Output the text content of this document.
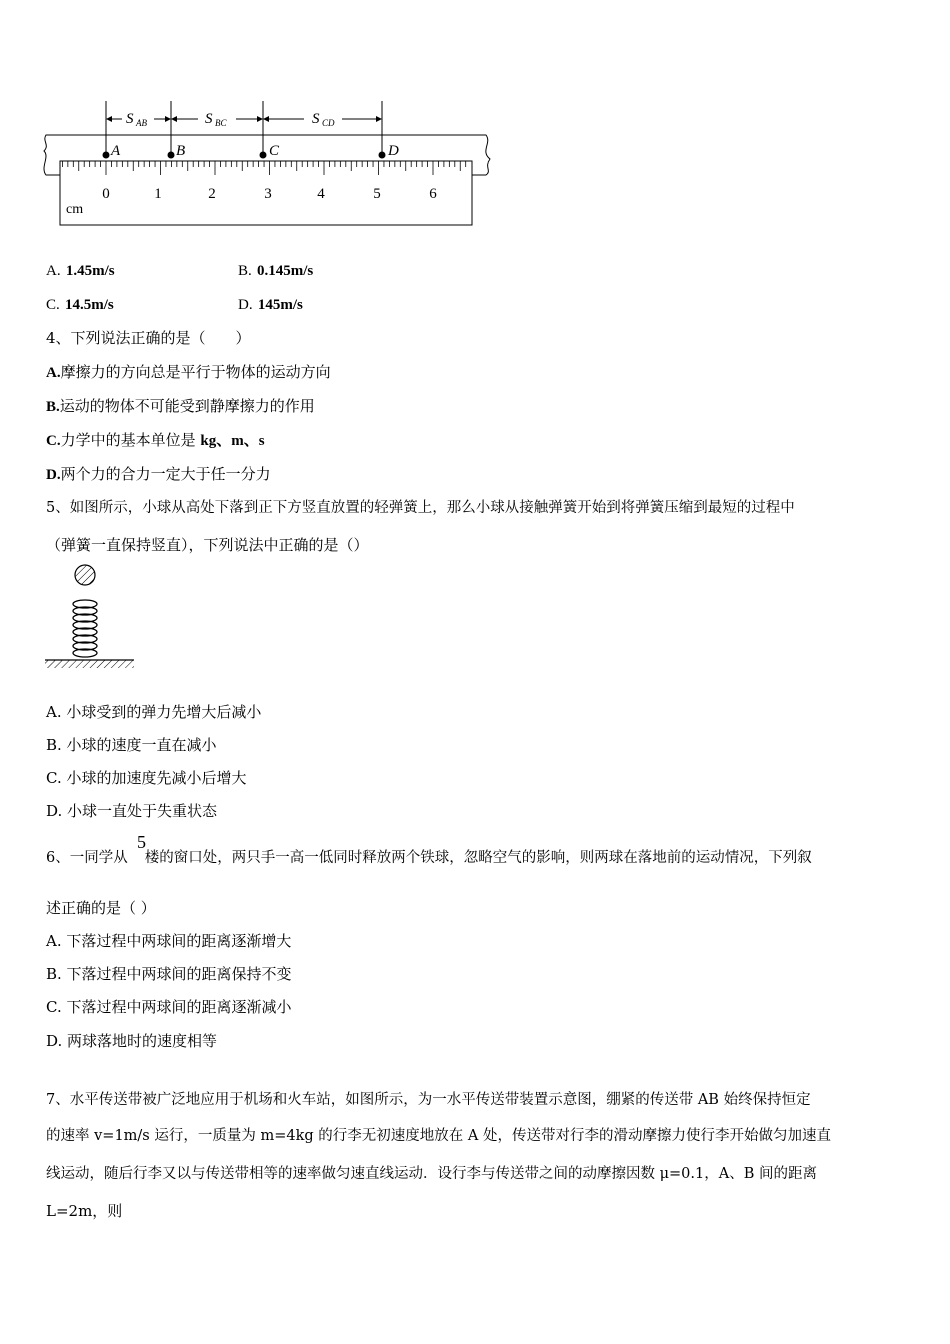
S AB	S BC	S CD
A	B	C	D
0	1	2	3	4	5	6
cm
A. 1.45m/s	B. 0.145m/s
C. 14.5m/s	D. 145m/s
4、下列说法正确的是（　　）
A.摩擦力的方向总是平行于物体的运动方向
B.运动的物体不可能受到静摩擦力的作用
C.力学中的基本单位是 kg、m、s
D.两个力的合力一定大于任一分力
5、如图所示，小球从高处下落到正下方竖直放置的轻弹簧上，那么小球从接触弹簧开始到将弹簧压缩到最短的过程中
（弹簧一直保持竖直），下列说法中正确的是（）
A. 小球受到的弹力先增大后减小
B. 小球的速度一直在减小
C. 小球的加速度先减小后增大
D. 小球一直处于失重状态
6、一同学从 楼的窗口处，两只手一高一低同时释放两个铁球，忽略空气的影响，则两球在落地前的运动情况，下列叙
5
述正确的是（ ）
A. 下落过程中两球间的距离逐渐增大
B. 下落过程中两球间的距离保持不变
C. 下落过程中两球间的距离逐渐减小
D. 两球落地时的速度相等
7、水平传送带被广泛地应用于机场和火车站，如图所示，为一水平传送带装置示意图，绷紧的传送带 AB 始终保持恒定
的速率 v=1m/s 运行，一质量为 m=4kg 的行李无初速度地放在 A 处，传送带对行李的滑动摩擦力使行李开始做匀加速直
线运动，随后行李又以与传送带相等的速率做匀速直线运动．设行李与传送带之间的动摩擦因数 μ=0.1，A、B 间的距离
L=2m，则
